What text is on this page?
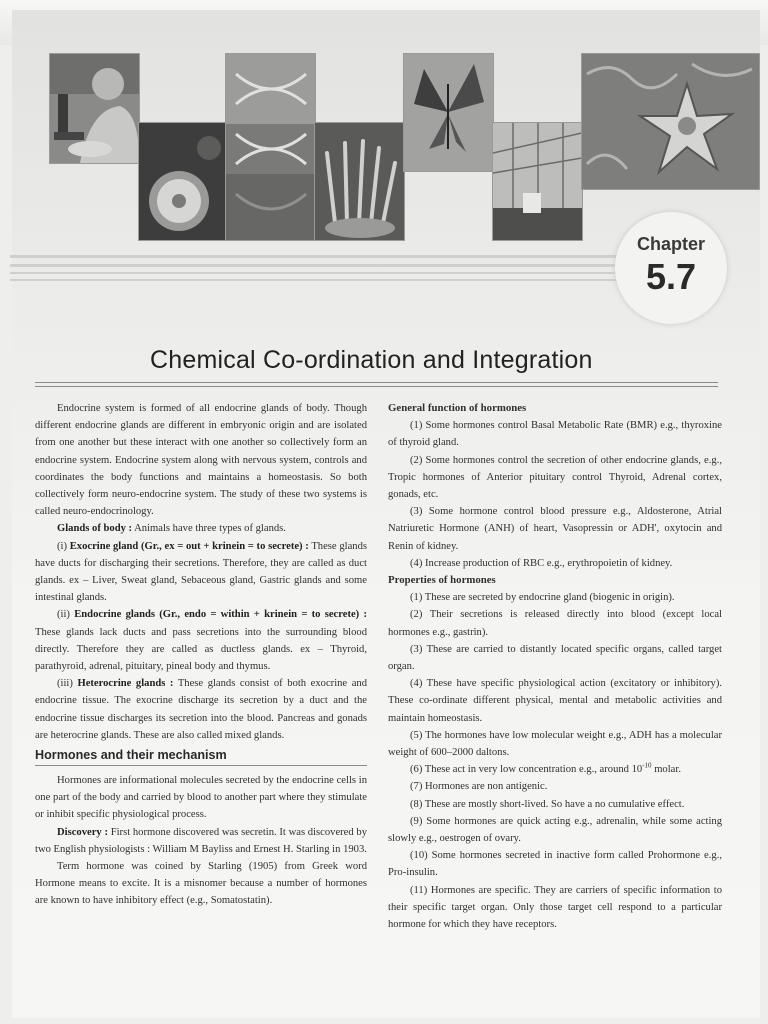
Chapter
5.7
Chemical Co-ordination and Integration

Endocrine system is formed of all endocrine glands of body. Though different endocrine glands are different in embryonic origin and are isolated from one another but these interact with one another so collectively form an endocrine system. Endocrine system along with nervous system, controls and coordinates the body functions and maintains a homeostasis. So both collectively form neuro-endocrine system. The study of these two systems is called neuro-endocrinology.

Glands of body : Animals have three types of glands.

(i) Exocrine gland (Gr., ex = out + krinein = to secrete) : These glands have ducts for discharging their secretions. Therefore, they are called as duct glands. ex – Liver, Sweat gland, Sebaceous gland, Gastric glands and some intestinal glands.

(ii) Endocrine glands (Gr., endo = within + krinein = to secrete) : These glands lack ducts and pass secretions into the surrounding blood directly. Therefore they are called as ductless glands. ex – Thyroid, parathyroid, adrenal, pituitary, pineal body and thymus.

(iii) Heterocrine glands : These glands consist of both exocrine and endocrine tissue. The exocrine discharge its secretion by a duct and the endocrine tissue discharges its secretion into the blood. Pancreas and gonads are heterocrine glands. These are also called mixed glands.

Hormones and their mechanism

Hormones are informational molecules secreted by the endocrine cells in one part of the body and carried by blood to another part where they stimulate or inhibit specific physiological process.

Discovery : First hormone discovered was secretin. It was discovered by two English physiologists : William M Bayliss and Ernest H. Starling in 1903.

Term hormone was coined by Starling (1905) from Greek word Hormone means to excite. It is a misnomer because a number of hormones are known to have inhibitory effect (e.g., Somatostatin).

General function of hormones

(1) Some hormones control Basal Metabolic Rate (BMR) e.g., thyroxine of thyroid gland.

(2) Some hormones control the secretion of other endocrine glands, e.g., Tropic hormones of Anterior pituitary control Thyroid, Adrenal cortex, gonads, etc.

(3) Some hormone control blood pressure e.g., Aldosterone, Atrial Natriuretic Hormone (ANH) of heart, Vasopressin or ADH', oxytocin and Renin of kidney.

(4) Increase production of RBC e.g., erythropoietin of kidney.

Properties of hormones

(1) These are secreted by endocrine gland (biogenic in origin).

(2) Their secretions is released directly into blood (except local hormones e.g., gastrin).

(3) These are carried to distantly located specific organs, called target organ.

(4) These have specific physiological action (excitatory or inhibitory). These co-ordinate different physical, mental and metabolic activities and maintain homeostasis.

(5) The hormones have low molecular weight e.g., ADH has a molecular weight of 600–2000 daltons.

(6) These act in very low concentration e.g., around $10^{-10}$ molar.

(7) Hormones are non antigenic.

(8) These are mostly short-lived. So have a no cumulative effect.

(9) Some hormones are quick acting e.g., adrenalin, while some acting slowly e.g., oestrogen of ovary.

(10) Some hormones secreted in inactive form called Prohormone e.g., Pro-insulin.

(11) Hormones are specific. They are carriers of specific information to their specific target organ. Only those target cell respond to a particular hormone for which they have receptors.
